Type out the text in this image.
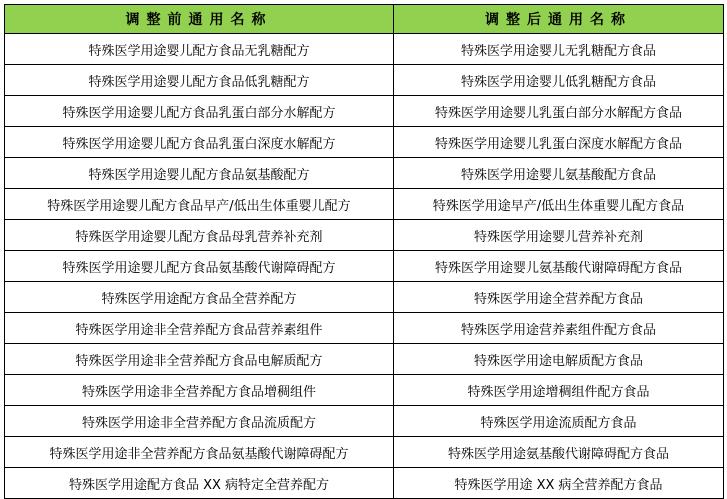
调整前通用名称	调整后通用名称
特殊医学用途婴儿配方食品无乳糖配方	特殊医学用途婴儿无乳糖配方食品
特殊医学用途婴儿配方食品低乳糖配方	特殊医学用途婴儿低乳糖配方食品
特殊医学用途婴儿配方食品乳蛋白部分水解配方	特殊医学用途婴儿乳蛋白部分水解配方食品
特殊医学用途婴儿配方食品乳蛋白深度水解配方	特殊医学用途婴儿乳蛋白深度水解配方食品
特殊医学用途婴儿配方食品氨基酸配方	特殊医学用途婴儿氨基酸配方食品
特殊医学用途婴儿配方食品早产/低出生体重婴儿配方	特殊医学用途早产/低出生体重婴儿配方食品
特殊医学用途婴儿配方食品母乳营养补充剂	特殊医学用途婴儿营养补充剂
特殊医学用途婴儿配方食品氨基酸代谢障碍配方	特殊医学用途婴儿氨基酸代谢障碍配方食品
特殊医学用途配方食品全营养配方	特殊医学用途全营养配方食品
特殊医学用途非全营养配方食品营养素组件	特殊医学用途营养素组件配方食品
特殊医学用途非全营养配方食品电解质配方	特殊医学用途电解质配方食品
特殊医学用途非全营养配方食品增稠组件	特殊医学用途增稠组件配方食品
特殊医学用途非全营养配方食品流质配方	特殊医学用途流质配方食品
特殊医学用途非全营养配方食品氨基酸代谢障碍配方	特殊医学用途氨基酸代谢障碍配方食品
特殊医学用途配方食品 XX 病特定全营养配方	特殊医学用途 XX 病全营养配方食品
